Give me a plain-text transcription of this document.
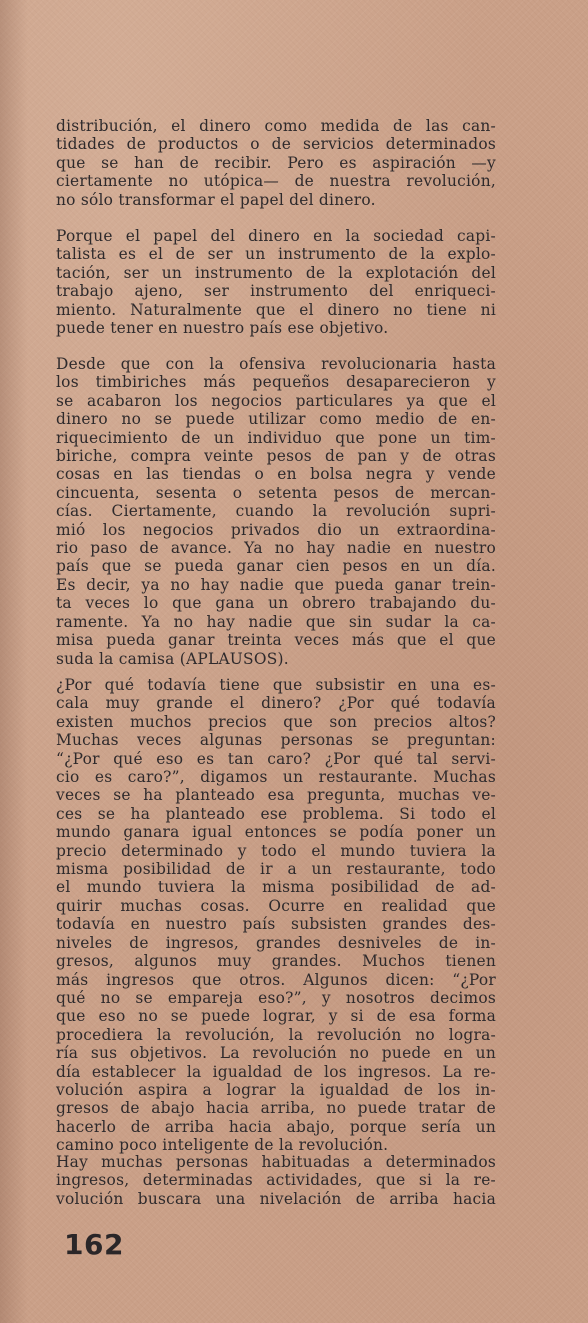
distribución, el dinero como medida de las can-
tidades de productos o de servicios determinados
que se han de recibir. Pero es aspiración —y
ciertamente no utópica— de nuestra revolución,
no sólo transformar el papel del dinero.

Porque el papel del dinero en la sociedad capi-
talista es el de ser un instrumento de la explo-
tación, ser un instrumento de la explotación del
trabajo ajeno, ser instrumento del enriqueci-
miento. Naturalmente que el dinero no tiene ni
puede tener en nuestro país ese objetivo.

Desde que con la ofensiva revolucionaria hasta
los timbiriches más pequeños desaparecieron y
se acabaron los negocios particulares ya que el
dinero no se puede utilizar como medio de en-
riquecimiento de un individuo que pone un tim-
biriche, compra veinte pesos de pan y de otras
cosas en las tiendas o en bolsa negra y vende
cincuenta, sesenta o setenta pesos de mercan-
cías. Ciertamente, cuando la revolución supri-
mió los negocios privados dio un extraordina-
rio paso de avance. Ya no hay nadie en nuestro
país que se pueda ganar cien pesos en un día.
Es decir, ya no hay nadie que pueda ganar trein-
ta veces lo que gana un obrero trabajando du-
ramente. Ya no hay nadie que sin sudar la ca-
misa pueda ganar treinta veces más que el que
suda la camisa (APLAUSOS).

¿Por qué todavía tiene que subsistir en una es-
cala muy grande el dinero? ¿Por qué todavía
existen muchos precios que son precios altos?
Muchas veces algunas personas se preguntan:
“¿Por qué eso es tan caro? ¿Por qué tal servi-
cio es caro?”, digamos un restaurante. Muchas
veces se ha planteado esa pregunta, muchas ve-
ces se ha planteado ese problema. Si todo el
mundo ganara igual entonces se podía poner un
precio determinado y todo el mundo tuviera la
misma posibilidad de ir a un restaurante, todo
el mundo tuviera la misma posibilidad de ad-
quirir muchas cosas. Ocurre en realidad que
todavía en nuestro país subsisten grandes des-
niveles de ingresos, grandes desniveles de in-
gresos, algunos muy grandes. Muchos tienen
más ingresos que otros. Algunos dicen: “¿Por
qué no se empareja eso?”, y nosotros decimos
que eso no se puede lograr, y si de esa forma
procediera la revolución, la revolución no logra-
ría sus objetivos. La revolución no puede en un
día establecer la igualdad de los ingresos. La re-
volución aspira a lograr la igualdad de los in-
gresos de abajo hacia arriba, no puede tratar de
hacerlo de arriba hacia abajo, porque sería un
camino poco inteligente de la revolución.

Hay muchas personas habituadas a determinados
ingresos, determinadas actividades, que si la re-
volución buscara una nivelación de arriba hacia

162
